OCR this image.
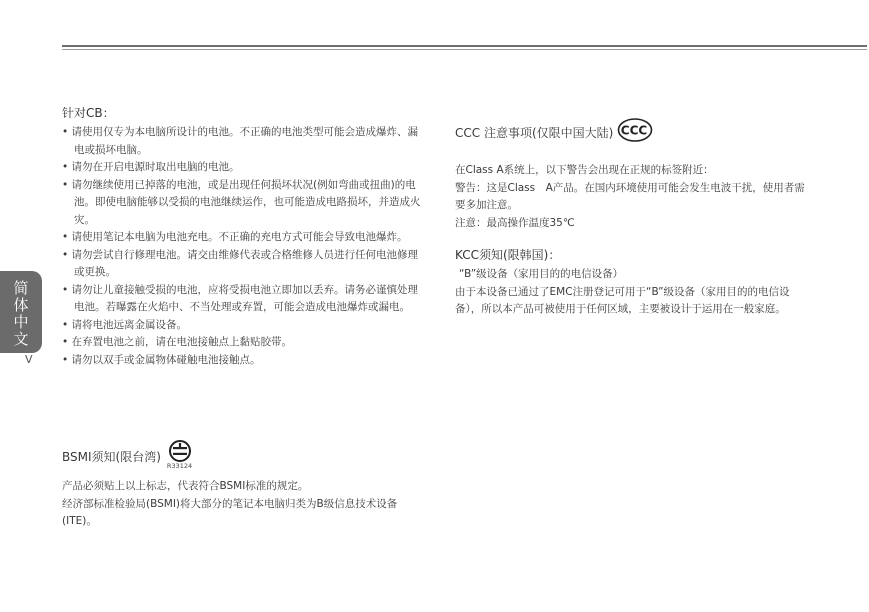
简
体
中
文
V
针对CB：
• 请使用仅专为本电脑所设计的电池。不正确的电池类型可能会造成爆炸、漏电或损坏电脑。
• 请勿在开启电源时取出电脑的电池。
• 请勿继续使用已掉落的电池，或是出现任何损坏状况(例如弯曲或扭曲)的电池。即使电脑能够以受损的电池继续运作，也可能造成电路损坏，并造成火灾。
• 请使用笔记本电脑为电池充电。不正确的充电方式可能会导致电池爆炸。
• 请勿尝试自行修理电池。请交由维修代表或合格维修人员进行任何电池修理或更换。
• 请勿让儿童接触受损的电池，应将受损电池立即加以丢弃。请务必谨慎处理电池。若曝露在火焰中、不当处理或弃置，可能会造成电池爆炸或漏电。
• 请将电池远离金属设备。
• 在弃置电池之前，请在电池接触点上黏贴胶带。
• 请勿以双手或金属物体碰触电池接触点。
BSMI须知(限台湾)
R33124

产品必须贴上以上标志，代表符合BSMI标准的规定。

经济部标准检验局(BSMI)将大部分的笔记本电脑归类为B级信息技术设备(ITE)。

CCC 注意事项(仅限中国大陆) CCC

在Class A系统上，以下警告会出现在正规的标签附近：

警告：这是Class　A产品。在国内环境使用可能会发生电波干扰，使用者需要多加注意。

注意：最高操作温度35℃

KCC须知(限韩国)：

“B”级设备（家用目的的电信设备）

由于本设备已通过了EMC注册登记可用于“B”级设备（家用目的的电信设备），所以本产品可被使用于任何区域，主要被设计于运用在一般家庭。
